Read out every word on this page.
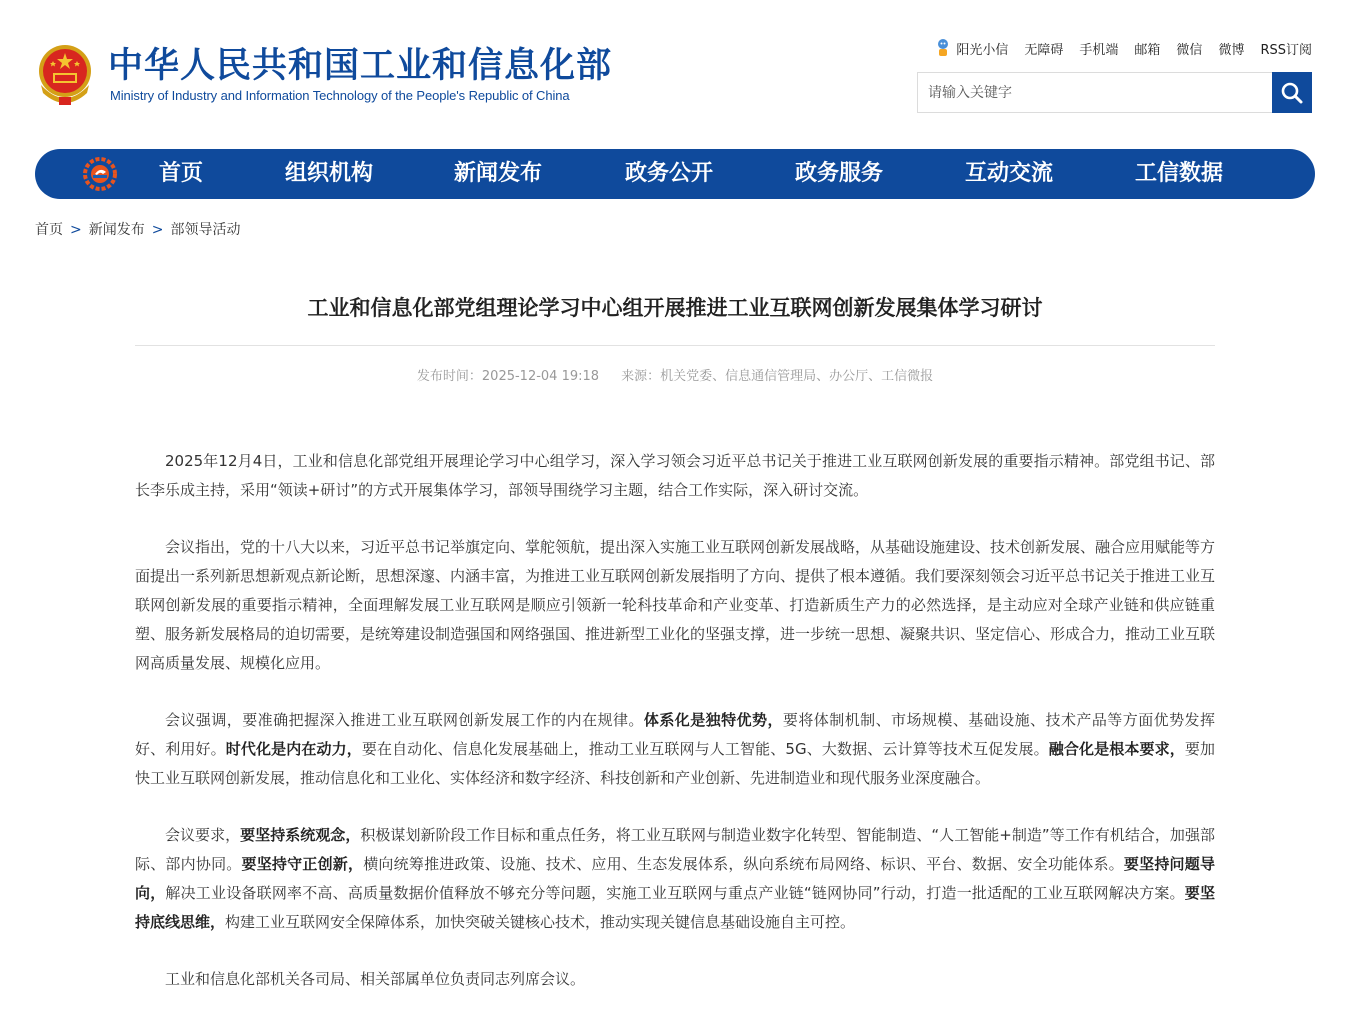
中华人民共和国工业和信息化部
Ministry of Industry and Information Technology of the People's Republic of China
阳光小信 无障碍 手机端 邮箱 微信 微博 RSS订阅
请输入关键字
首页	组织机构	新闻发布	政务公开	政务服务	互动交流	工信数据
首页 > 新闻发布 > 部领导活动
工业和信息化部党组理论学习中心组开展推进工业互联网创新发展集体学习研讨
发布时间：2025-12-04 19:18 来源：机关党委、信息通信管理局、办公厅、工信微报

2025年12月4日，工业和信息化部党组开展理论学习中心组学习，深入学习领会习近平总书记关于推进工业互联网创新发展的重要指示精神。部党组书记、部长李乐成主持，采用“领读+研讨”的方式开展集体学习，部领导围绕学习主题，结合工作实际，深入研讨交流。

会议指出，党的十八大以来，习近平总书记举旗定向、掌舵领航，提出深入实施工业互联网创新发展战略，从基础设施建设、技术创新发展、融合应用赋能等方面提出一系列新思想新观点新论断，思想深邃、内涵丰富，为推进工业互联网创新发展指明了方向、提供了根本遵循。我们要深刻领会习近平总书记关于推进工业互联网创新发展的重要指示精神，全面理解发展工业互联网是顺应引领新一轮科技革命和产业变革、打造新质生产力的必然选择，是主动应对全球产业链和供应链重塑、服务新发展格局的迫切需要，是统筹建设制造强国和网络强国、推进新型工业化的坚强支撑，进一步统一思想、凝聚共识、坚定信心、形成合力，推动工业互联网高质量发展、规模化应用。

会议强调，要准确把握深入推进工业互联网创新发展工作的内在规律。体系化是独特优势，要将体制机制、市场规模、基础设施、技术产品等方面优势发挥好、利用好。时代化是内在动力，要在自动化、信息化发展基础上，推动工业互联网与人工智能、5G、大数据、云计算等技术互促发展。融合化是根本要求，要加快工业互联网创新发展，推动信息化和工业化、实体经济和数字经济、科技创新和产业创新、先进制造业和现代服务业深度融合。

会议要求，要坚持系统观念，积极谋划新阶段工作目标和重点任务，将工业互联网与制造业数字化转型、智能制造、“人工智能+制造”等工作有机结合，加强部际、部内协同。要坚持守正创新，横向统筹推进政策、设施、技术、应用、生态发展体系，纵向系统布局网络、标识、平台、数据、安全功能体系。要坚持问题导向，解决工业设备联网率不高、高质量数据价值释放不够充分等问题，实施工业互联网与重点产业链“链网协同”行动，打造一批适配的工业互联网解决方案。要坚持底线思维，构建工业互联网安全保障体系，加快突破关键核心技术，推动实现关键信息基础设施自主可控。

工业和信息化部机关各司局、相关部属单位负责同志列席会议。
